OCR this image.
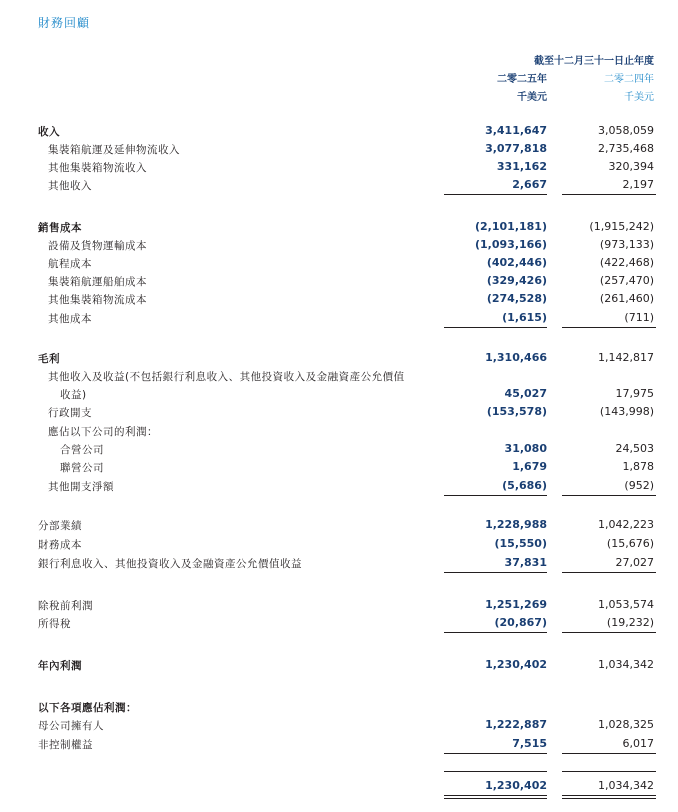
財務回顧
截至十二月三十一日止年度
二零二五年	二零二四年
千美元	千美元
收入	3,411,647	3,058,059
集裝箱航運及延伸物流收入	3,077,818	2,735,468
其他集裝箱物流收入	331,162	320,394
其他收入	2,667	2,197
銷售成本	(2,101,181)	(1,915,242)
設備及貨物運輸成本	(1,093,166)	(973,133)
航程成本	(402,446)	(422,468)
集裝箱航運船舶成本	(329,426)	(257,470)
其他集裝箱物流成本	(274,528)	(261,460)
其他成本	(1,615)	(711)
毛利	1,310,466	1,142,817
其他收入及收益(不包括銀行利息收入、其他投資收入及金融資產公允價值
收益)	45,027	17,975
行政開支	(153,578)	(143,998)
應佔以下公司的利潤：
合營公司	31,080	24,503
聯營公司	1,679	1,878
其他開支淨額	(5,686)	(952)
分部業績	1,228,988	1,042,223
財務成本	(15,550)	(15,676)
銀行利息收入、其他投資收入及金融資產公允價值收益	37,831	27,027
除稅前利潤	1,251,269	1,053,574
所得稅	(20,867)	(19,232)
年內利潤	1,230,402	1,034,342
以下各項應佔利潤：
母公司擁有人	1,222,887	1,028,325
非控制權益	7,515	6,017
1,230,402	1,034,342
